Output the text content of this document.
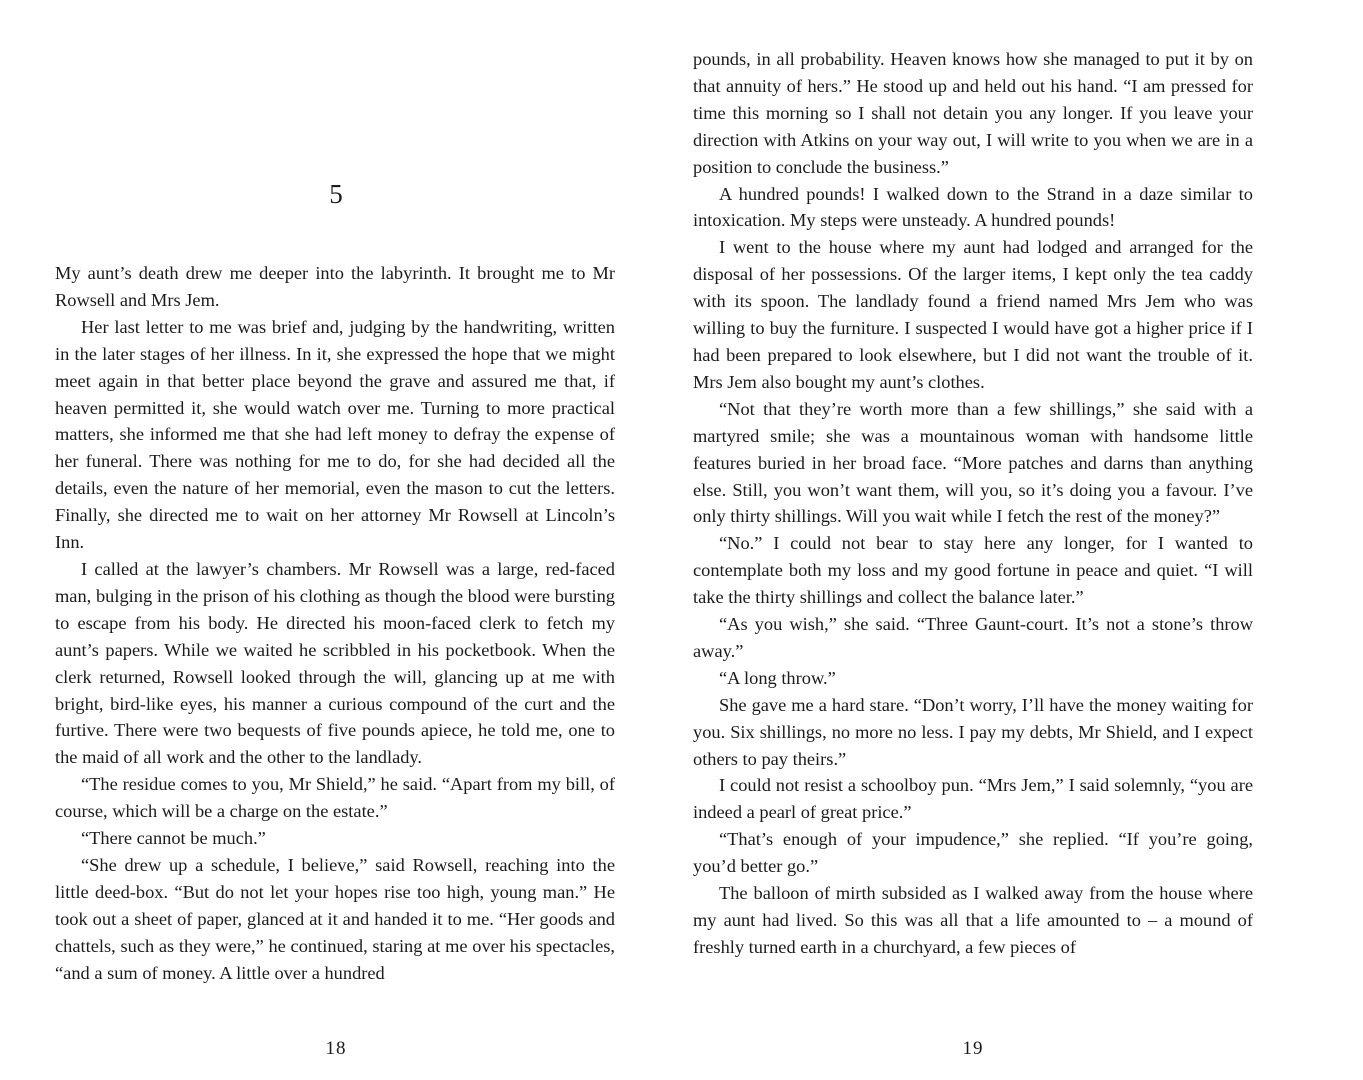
5

My aunt’s death drew me deeper into the labyrinth. It brought me to Mr Rowsell and Mrs Jem.

Her last letter to me was brief and, judging by the handwriting, written in the later stages of her illness. In it, she expressed the hope that we might meet again in that better place beyond the grave and assured me that, if heaven permitted it, she would watch over me. Turning to more practical matters, she informed me that she had left money to defray the expense of her funeral. There was nothing for me to do, for she had decided all the details, even the nature of her memorial, even the mason to cut the letters. Finally, she directed me to wait on her attorney Mr Rowsell at Lincoln’s Inn.

I called at the lawyer’s chambers. Mr Rowsell was a large, red-faced man, bulging in the prison of his clothing as though the blood were bursting to escape from his body. He directed his moon-faced clerk to fetch my aunt’s papers. While we waited he scribbled in his pocketbook. When the clerk returned, Rowsell looked through the will, glancing up at me with bright, bird-like eyes, his manner a curious compound of the curt and the furtive. There were two bequests of five pounds apiece, he told me, one to the maid of all work and the other to the landlady.

“The residue comes to you, Mr Shield,” he said. “Apart from my bill, of course, which will be a charge on the estate.”

“There cannot be much.”

“She drew up a schedule, I believe,” said Rowsell, reaching into the little deed-box. “But do not let your hopes rise too high, young man.” He took out a sheet of paper, glanced at it and handed it to me. “Her goods and chattels, such as they were,” he continued, staring at me over his spectacles, “and a sum of money. A little over a hundred

18

pounds, in all probability. Heaven knows how she managed to put it by on that annuity of hers.” He stood up and held out his hand. “I am pressed for time this morning so I shall not detain you any longer. If you leave your direction with Atkins on your way out, I will write to you when we are in a position to conclude the business.”

A hundred pounds! I walked down to the Strand in a daze similar to intoxication. My steps were unsteady. A hundred pounds!

I went to the house where my aunt had lodged and arranged for the disposal of her possessions. Of the larger items, I kept only the tea caddy with its spoon. The landlady found a friend named Mrs Jem who was willing to buy the furniture. I suspected I would have got a higher price if I had been prepared to look elsewhere, but I did not want the trouble of it. Mrs Jem also bought my aunt’s clothes.

“Not that they’re worth more than a few shillings,” she said with a martyred smile; she was a mountainous woman with handsome little features buried in her broad face. “More patches and darns than anything else. Still, you won’t want them, will you, so it’s doing you a favour. I’ve only thirty shillings. Will you wait while I fetch the rest of the money?”

“No.” I could not bear to stay here any longer, for I wanted to contemplate both my loss and my good fortune in peace and quiet. “I will take the thirty shillings and collect the balance later.”

“As you wish,” she said. “Three Gaunt-court. It’s not a stone’s throw away.”

“A long throw.”

She gave me a hard stare. “Don’t worry, I’ll have the money waiting for you. Six shillings, no more no less. I pay my debts, Mr Shield, and I expect others to pay theirs.”

I could not resist a schoolboy pun. “Mrs Jem,” I said solemnly, “you are indeed a pearl of great price.”

“That’s enough of your impudence,” she replied. “If you’re going, you’d better go.”

The balloon of mirth subsided as I walked away from the house where my aunt had lived. So this was all that a life amounted to – a mound of freshly turned earth in a churchyard, a few pieces of

19
